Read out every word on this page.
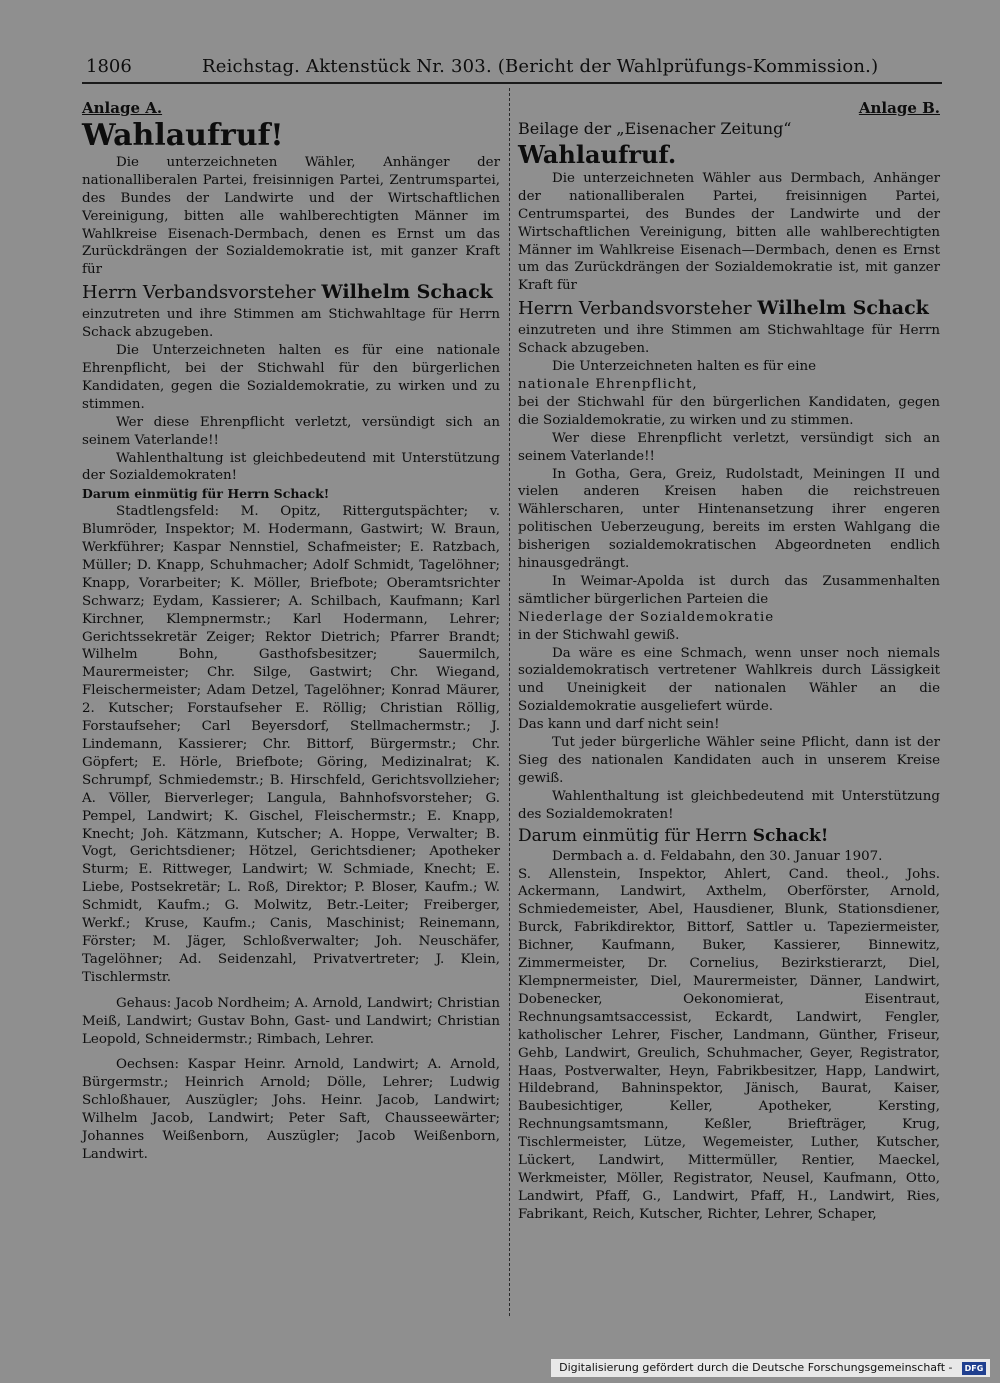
1806	Reichstag. Aktenstück Nr. 303. (Bericht der Wahlprüfungs-Kommission.)

Anlage A.

Wahlaufruf!

Die unterzeichneten Wähler, Anhänger der nationalliberalen Partei, freisinnigen Partei, Zentrumspartei, des Bundes der Landwirte und der Wirtschaftlichen Vereinigung, bitten alle wahlberechtigten Männer im Wahlkreise Eisenach-Dermbach, denen es Ernst um das Zurückdrängen der Sozialdemokratie ist, mit ganzer Kraft für

Herrn Verbandsvorsteher Wilhelm Schack

einzutreten und ihre Stimmen am Stichwahltage für Herrn Schack abzugeben.

Die Unterzeichneten halten es für eine nationale Ehrenpflicht, bei der Stichwahl für den bürgerlichen Kandidaten, gegen die Sozialdemokratie, zu wirken und zu stimmen.

Wer diese Ehrenpflicht verletzt, versündigt sich an seinem Vaterlande!!

Wahlenthaltung ist gleichbedeutend mit Unterstützung der Sozialdemokraten!

Darum einmütig für Herrn Schack!

Stadtlengsfeld: M. Opitz, Rittergutspächter; v. Blumröder, Inspektor; M. Hodermann, Gastwirt; W. Braun, Werkführer; Kaspar Nennstiel, Schafmeister; E. Ratzbach, Müller; D. Knapp, Schuhmacher; Adolf Schmidt, Tagelöhner; Knapp, Vorarbeiter; K. Möller, Briefbote; Oberamtsrichter Schwarz; Eydam, Kassierer; A. Schilbach, Kaufmann; Karl Kirchner, Klempnermstr.; Karl Hodermann, Lehrer; Gerichtssekretär Zeiger; Rektor Dietrich; Pfarrer Brandt; Wilhelm Bohn, Gasthofsbesitzer; Sauermilch, Maurermeister; Chr. Silge, Gastwirt; Chr. Wiegand, Fleischermeister; Adam Detzel, Tagelöhner; Konrad Mäurer, 2. Kutscher; Forstaufseher E. Röllig; Christian Röllig, Forstaufseher; Carl Beyersdorf, Stellmachermstr.; J. Lindemann, Kassierer; Chr. Bittorf, Bürgermstr.; Chr. Göpfert; E. Hörle, Briefbote; Göring, Medizinalrat; K. Schrumpf, Schmiedemstr.; B. Hirschfeld, Gerichtsvollzieher; A. Völler, Bierverleger; Langula, Bahnhofsvorsteher; G. Pempel, Landwirt; K. Gischel, Fleischermstr.; E. Knapp, Knecht; Joh. Kätzmann, Kutscher; A. Hoppe, Verwalter; B. Vogt, Gerichtsdiener; Hötzel, Gerichtsdiener; Apotheker Sturm; E. Rittweger, Landwirt; W. Schmiade, Knecht; E. Liebe, Postsekretär; L. Roß, Direktor; P. Bloser, Kaufm.; W. Schmidt, Kaufm.; G. Molwitz, Betr.-Leiter; Freiberger, Werkf.; Kruse, Kaufm.; Canis, Maschinist; Reinemann, Förster; M. Jäger, Schloßverwalter; Joh. Neuschäfer, Tagelöhner; Ad. Seidenzahl, Privatvertreter; J. Klein, Tischlermstr.

Gehaus: Jacob Nordheim; A. Arnold, Landwirt; Christian Meiß, Landwirt; Gustav Bohn, Gast- und Landwirt; Christian Leopold, Schneidermstr.; Rimbach, Lehrer.

Oechsen: Kaspar Heinr. Arnold, Landwirt; A. Arnold, Bürgermstr.; Heinrich Arnold; Dölle, Lehrer; Ludwig Schloßhauer, Auszügler; Johs. Heinr. Jacob, Landwirt; Wilhelm Jacob, Landwirt; Peter Saft, Chausseewärter; Johannes Weißenborn, Auszügler; Jacob Weißenborn, Landwirt.

Anlage B.

Beilage der „Eisenacher Zeitung“

Wahlaufruf.

Die unterzeichneten Wähler aus Dermbach, Anhänger der nationalliberalen Partei, freisinnigen Partei, Centrumspartei, des Bundes der Landwirte und der Wirtschaftlichen Vereinigung, bitten alle wahlberechtigten Männer im Wahlkreise Eisenach—Dermbach, denen es Ernst um das Zurückdrängen der Sozialdemokratie ist, mit ganzer Kraft für

Herrn Verbandsvorsteher Wilhelm Schack

einzutreten und ihre Stimmen am Stichwahltage für Herrn Schack abzugeben.

Die Unterzeichneten halten es für eine

nationale Ehrenpflicht,

bei der Stichwahl für den bürgerlichen Kandidaten, gegen die Sozialdemokratie, zu wirken und zu stimmen.

Wer diese Ehrenpflicht verletzt, versündigt sich an seinem Vaterlande!!

In Gotha, Gera, Greiz, Rudolstadt, Meiningen II und vielen anderen Kreisen haben die reichstreuen Wählerscharen, unter Hintenansetzung ihrer engeren politischen Ueberzeugung, bereits im ersten Wahlgang die bisherigen sozialdemokratischen Abgeordneten endlich hinausgedrängt.

In Weimar-Apolda ist durch das Zusammenhalten sämtlicher bürgerlichen Parteien die

Niederlage der Sozialdemokratie

in der Stichwahl gewiß.

Da wäre es eine Schmach, wenn unser noch niemals sozialdemokratisch vertretener Wahlkreis durch Lässigkeit und Uneinigkeit der nationalen Wähler an die Sozialdemokratie ausgeliefert würde.

Das kann und darf nicht sein!

Tut jeder bürgerliche Wähler seine Pflicht, dann ist der Sieg des nationalen Kandidaten auch in unserem Kreise gewiß.

Wahlenthaltung ist gleichbedeutend mit Unterstützung des Sozialdemokraten!

Darum einmütig für Herrn Schack!

Dermbach a. d. Feldabahn, den 30. Januar 1907.

S. Allenstein, Inspektor, Ahlert, Cand. theol., Johs. Ackermann, Landwirt, Axthelm, Oberförster, Arnold, Schmiedemeister, Abel, Hausdiener, Blunk, Stationsdiener, Burck, Fabrikdirektor, Bittorf, Sattler u. Tapeziermeister, Bichner, Kaufmann, Buker, Kassierer, Binnewitz, Zimmermeister, Dr. Cornelius, Bezirkstierarzt, Diel, Klempnermeister, Diel, Maurermeister, Dänner, Landwirt, Dobenecker, Oekonomierat, Eisentraut, Rechnungsamtsaccessist, Eckardt, Landwirt, Fengler, katholischer Lehrer, Fischer, Landmann, Günther, Friseur, Gehb, Landwirt, Greulich, Schuhmacher, Geyer, Registrator, Haas, Postverwalter, Heyn, Fabrikbesitzer, Happ, Landwirt, Hildebrand, Bahninspektor, Jänisch, Baurat, Kaiser, Baubesichtiger, Keller, Apotheker, Kersting, Rechnungsamtsmann, Keßler, Briefträger, Krug, Tischlermeister, Lütze, Wegemeister, Luther, Kutscher, Lückert, Landwirt, Mittermüller, Rentier, Maeckel, Werkmeister, Möller, Registrator, Neusel, Kaufmann, Otto, Landwirt, Pfaff, G., Landwirt, Pfaff, H., Landwirt, Ries, Fabrikant, Reich, Kutscher, Richter, Lehrer, Schaper,

Digitalisierung gefördert durch die Deutsche Forschungsgemeinschaft - DFG
